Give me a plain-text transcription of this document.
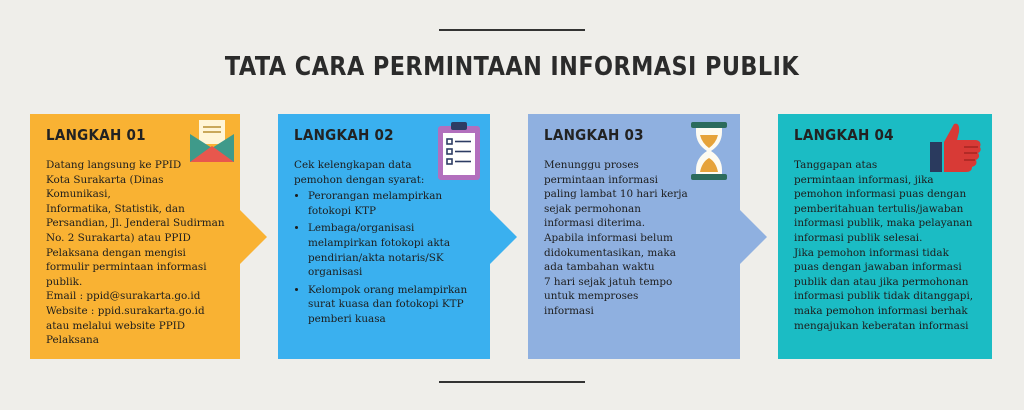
TATA CARA PERMINTAAN INFORMASI PUBLIK
LANGKAH 01

Datang langsung ke PPID

Kota Surakarta (Dinas Komunikasi,

Informatika, Statistik, dan

Persandian, Jl. Jenderal Sudirman

No. 2 Surakarta) atau PPID

Pelaksana dengan mengisi

formulir permintaan informasi

publik.

Email : ppid@surakarta.go.id

Website : ppid.surakarta.go.id

atau melalui website PPID

Pelaksana

LANGKAH 02

Cek kelengkapan data

pemohon dengan syarat:

• Perorangan melampirkan fotokopi KTP
• Lembaga/organisasi melampirkan fotokopi akta pendirian/akta notaris/SK organisasi
• Kelompok orang melampirkan surat kuasa dan fotokopi KTP pemberi kuasa
LANGKAH 03

Menunggu proses

permintaan informasi

paling lambat 10 hari kerja

sejak permohonan

informasi diterima.

Apabila informasi belum

didokumentasikan, maka

ada tambahan waktu

7 hari sejak jatuh tempo

untuk memproses

informasi

LANGKAH 04

Tanggapan atas

permintaan informasi, jika

pemohon informasi puas dengan

pemberitahuan tertulis/jawaban

informasi publik, maka pelayanan

informasi publik selesai.

Jika pemohon informasi tidak

puas dengan jawaban informasi

publik dan atau jika permohonan

informasi publik tidak ditanggapi,

maka pemohon informasi berhak

mengajukan keberatan informasi
